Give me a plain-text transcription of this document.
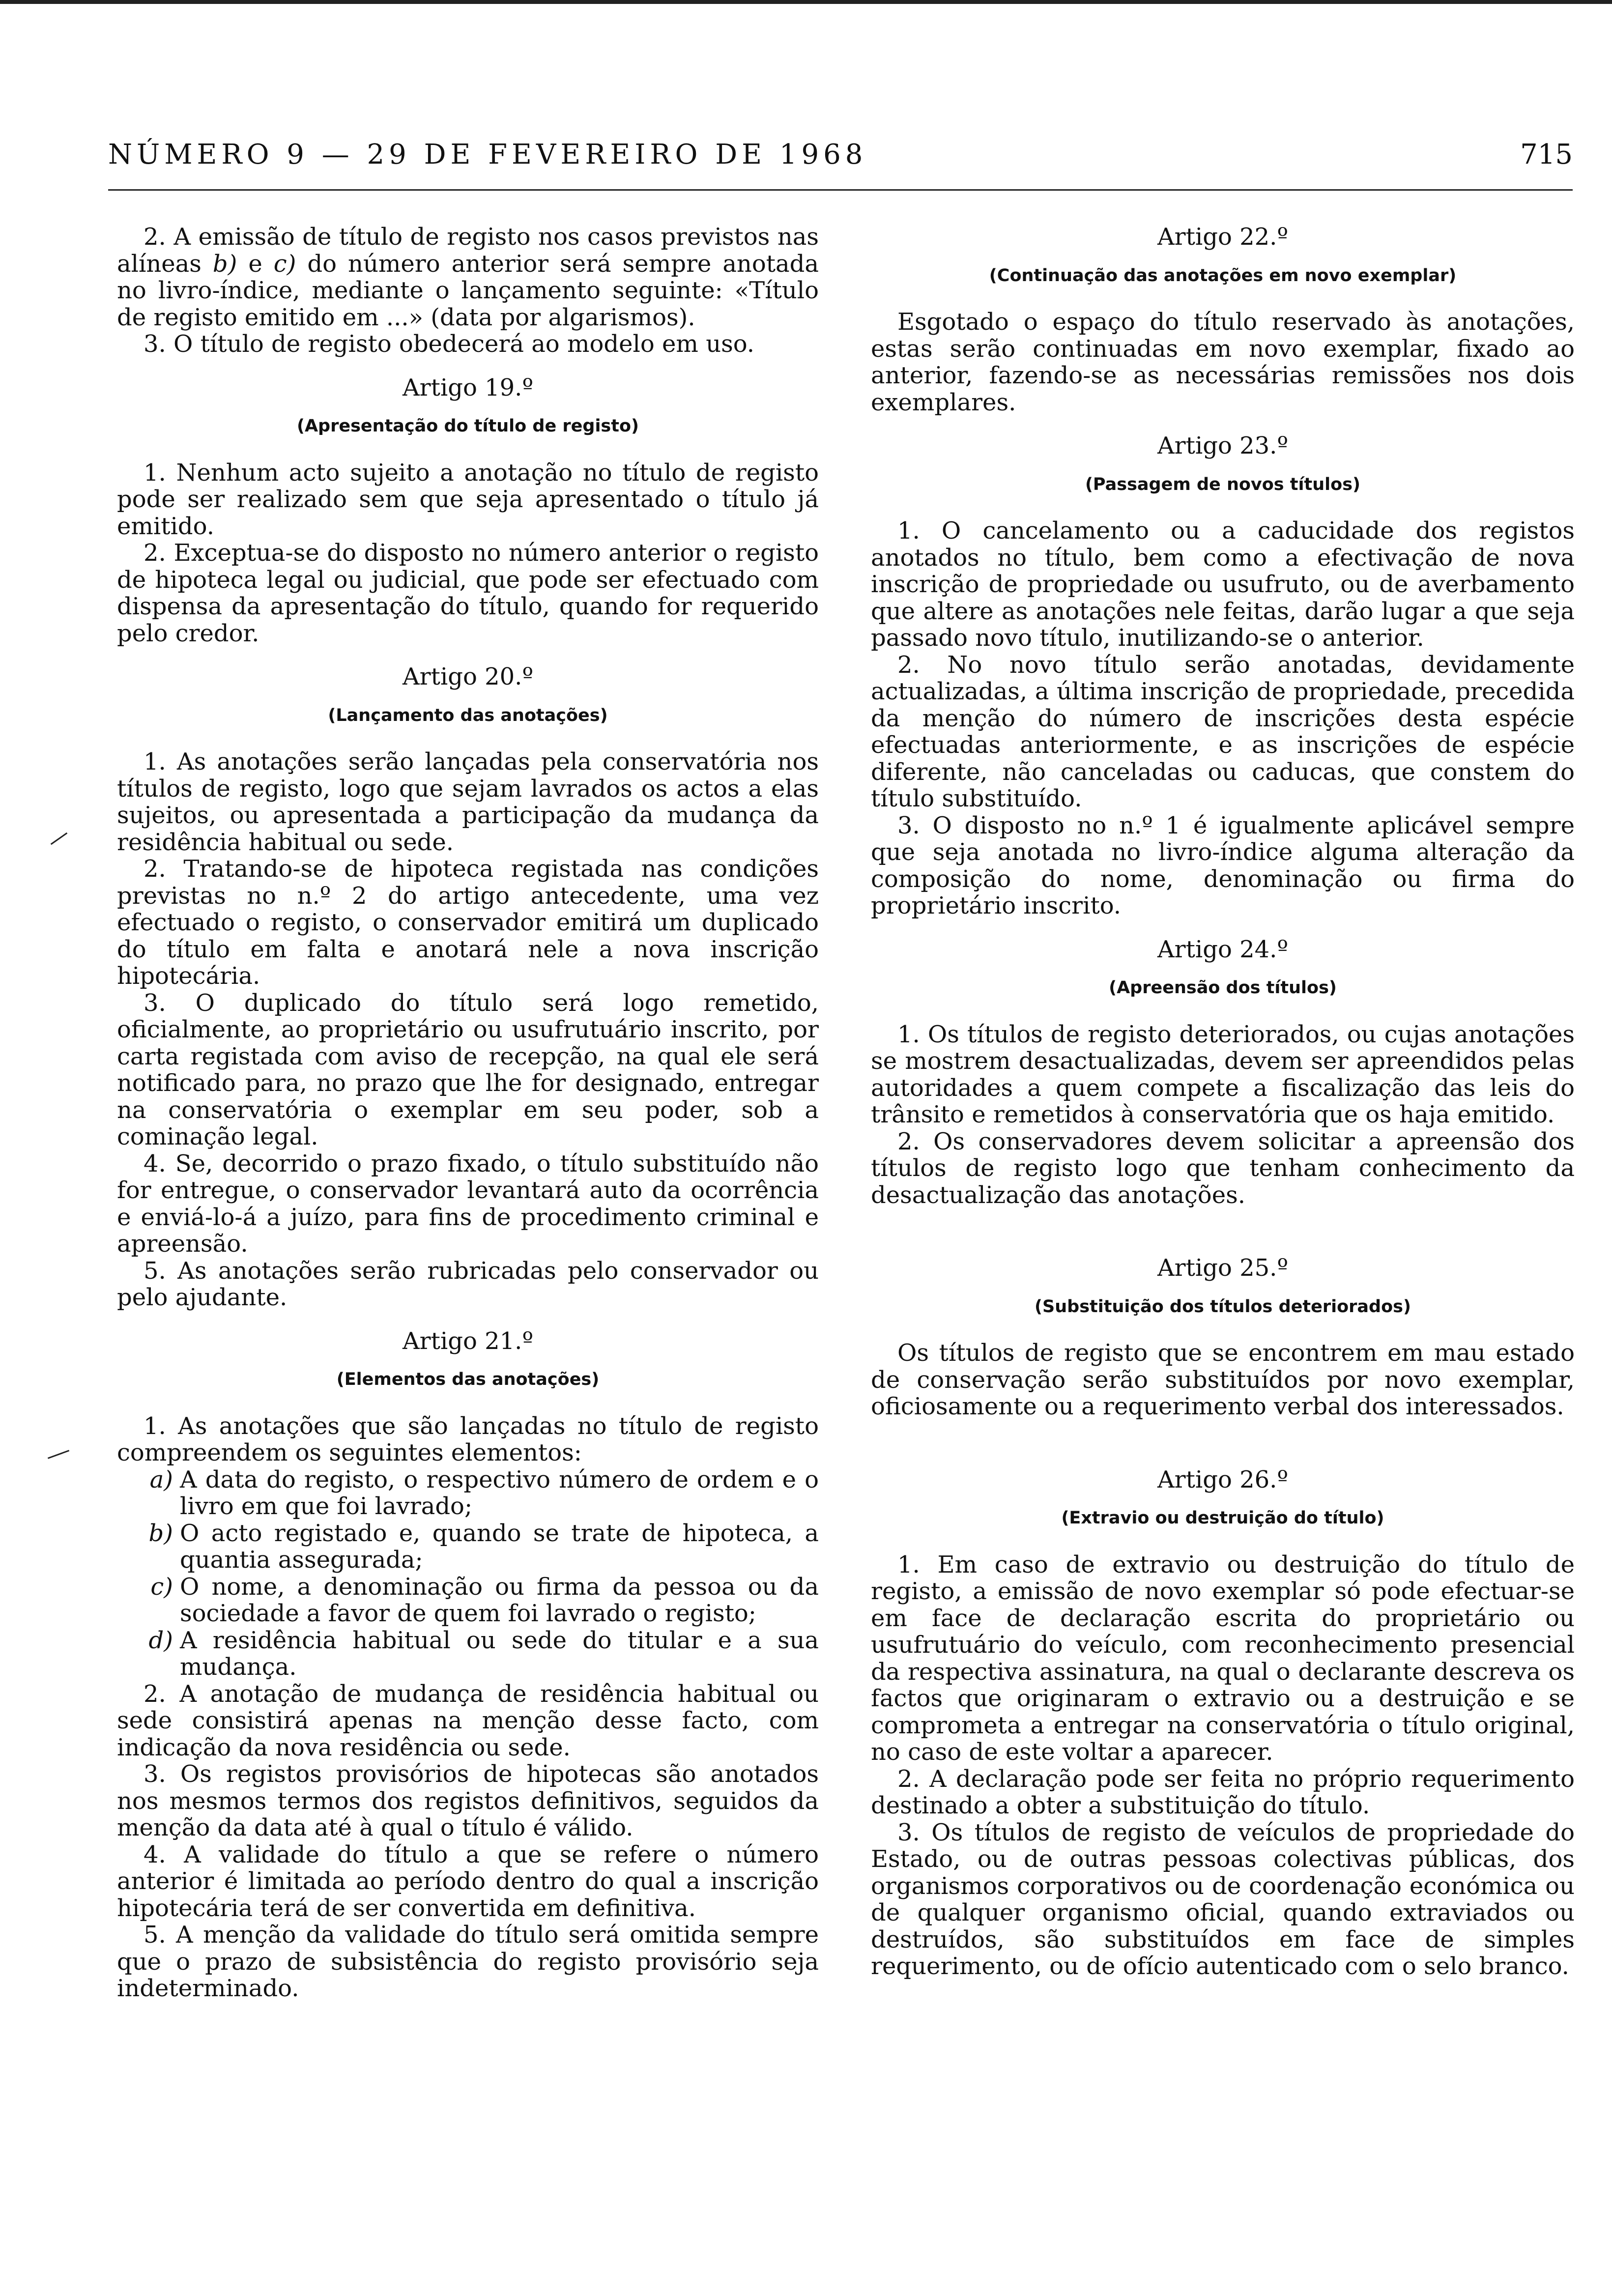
NÚMERO 9 — 29 DE FEVEREIRO DE 1968	715

2. A emissão de título de registo nos casos previstos nas alíneas b) e c) do número anterior será sempre anotada no livro-índice, mediante o lançamento seguinte: «Título de registo emitido em ...» (data por algarismos).

3. O título de registo obedecerá ao modelo em uso.

Artigo 19.º
(Apresentação do título de registo)

1. Nenhum acto sujeito a anotação no título de registo pode ser realizado sem que seja apresentado o título já emitido.

2. Exceptua-se do disposto no número anterior o registo de hipoteca legal ou judicial, que pode ser efectuado com dispensa da apresentação do título, quando for requerido pelo credor.

Artigo 20.º
(Lançamento das anotações)

1. As anotações serão lançadas pela conservatória nos títulos de registo, logo que sejam lavrados os actos a elas sujeitos, ou apresentada a participação da mudança da residência habitual ou sede.

2. Tratando-se de hipoteca registada nas condições previstas no n.º 2 do artigo antecedente, uma vez efectuado o registo, o conservador emitirá um duplicado do título em falta e anotará nele a nova inscrição hipotecária.

3. O duplicado do título será logo remetido, oficialmente, ao proprietário ou usufrutuário inscrito, por carta registada com aviso de recepção, na qual ele será notificado para, no prazo que lhe for designado, entregar na conservatória o exemplar em seu poder, sob a cominação legal.

4. Se, decorrido o prazo fixado, o título substituído não for entregue, o conservador levantará auto da ocorrência e enviá-lo-á a juízo, para fins de procedimento criminal e apreensão.

5. As anotações serão rubricadas pelo conservador ou pelo ajudante.

Artigo 21.º
(Elementos das anotações)

1. As anotações que são lançadas no título de registo compreendem os seguintes elementos:

a) A data do registo, o respectivo número de ordem e o livro em que foi lavrado;
b) O acto registado e, quando se trate de hipoteca, a quantia assegurada;
c) O nome, a denominação ou firma da pessoa ou da sociedade a favor de quem foi lavrado o registo;
d) A residência habitual ou sede do titular e a sua mudança.

2. A anotação de mudança de residência habitual ou sede consistirá apenas na menção desse facto, com indicação da nova residência ou sede.

3. Os registos provisórios de hipotecas são anotados nos mesmos termos dos registos definitivos, seguidos da menção da data até à qual o título é válido.

4. A validade do título a que se refere o número anterior é limitada ao período dentro do qual a inscrição hipotecária terá de ser convertida em definitiva.

5. A menção da validade do título será omitida sempre que o prazo de subsistência do registo provisório seja indeterminado.

Artigo 22.º
(Continuação das anotações em novo exemplar)

Esgotado o espaço do título reservado às anotações, estas serão continuadas em novo exemplar, fixado ao anterior, fazendo-se as necessárias remissões nos dois exemplares.

Artigo 23.º
(Passagem de novos títulos)

1. O cancelamento ou a caducidade dos registos anotados no título, bem como a efectivação de nova inscrição de propriedade ou usufruto, ou de averbamento que altere as anotações nele feitas, darão lugar a que seja passado novo título, inutilizando-se o anterior.

2. No novo título serão anotadas, devidamente actualizadas, a última inscrição de propriedade, precedida da menção do número de inscrições desta espécie efectuadas anteriormente, e as inscrições de espécie diferente, não canceladas ou caducas, que constem do título substituído.

3. O disposto no n.º 1 é igualmente aplicável sempre que seja anotada no livro-índice alguma alteração da composição do nome, denominação ou firma do proprietário inscrito.

Artigo 24.º
(Apreensão dos títulos)

1. Os títulos de registo deteriorados, ou cujas anotações se mostrem desactualizadas, devem ser apreendidos pelas autoridades a quem compete a fiscalização das leis do trânsito e remetidos à conservatória que os haja emitido.

2. Os conservadores devem solicitar a apreensão dos títulos de registo logo que tenham conhecimento da desactualização das anotações.

Artigo 25.º
(Substituição dos títulos deteriorados)

Os títulos de registo que se encontrem em mau estado de conservação serão substituídos por novo exemplar, oficiosamente ou a requerimento verbal dos interessados.

Artigo 26.º
(Extravio ou destruição do título)

1. Em caso de extravio ou destruição do título de registo, a emissão de novo exemplar só pode efectuar-se em face de declaração escrita do proprietário ou usufrutuário do veículo, com reconhecimento presencial da respectiva assinatura, na qual o declarante descreva os factos que originaram o extravio ou a destruição e se comprometa a entregar na conservatória o título original, no caso de este voltar a aparecer.

2. A declaração pode ser feita no próprio requerimento destinado a obter a substituição do título.

3. Os títulos de registo de veículos de propriedade do Estado, ou de outras pessoas colectivas públicas, dos organismos corporativos ou de coordenação económica ou de qualquer organismo oficial, quando extraviados ou destruídos, são substituídos em face de simples requerimento, ou de ofício autenticado com o selo branco.
